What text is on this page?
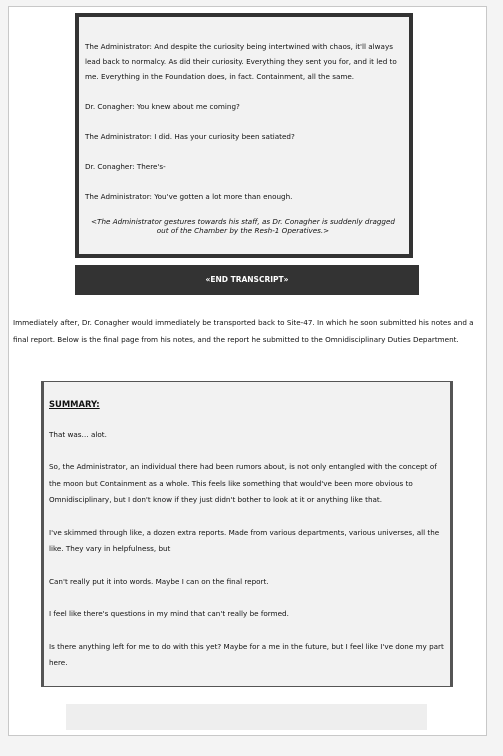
The Administrator: And despite the curiosity being intertwined with chaos, it'll always lead back to normalcy. As did their curiosity. Everything they sent you for, and it led to me. Everything in the Foundation does, in fact. Containment, all the same.

Dr. Conagher: You knew about me coming?

The Administrator: I did. Has your curiosity been satiated?

Dr. Conagher: There's-

The Administrator: You've gotten a lot more than enough.

<The Administrator gestures towards his staff, as Dr. Conagher is suddenly dragged out of the Chamber by the Resh-1 Operatives.>

«END TRANSCRIPT»
Immediately after, Dr. Conagher would immediately be transported back to Site-47. In which he soon submitted his notes and a final report. Below is the final page from his notes, and the report he submitted to the Omnidisciplinary Duties Department.

SUMMARY:

That was… alot.

So, the Administrator, an individual there had been rumors about, is not only entangled with the concept of the moon but Containment as a whole. This feels like something that would've been more obvious to Omnidisciplinary, but I don't know if they just didn't bother to look at it or anything like that.

I've skimmed through like, a dozen extra reports. Made from various departments, various universes, all the like. They vary in helpfulness, but

Can't really put it into words. Maybe I can on the final report.

I feel like there's questions in my mind that can't really be formed.

Is there anything left for me to do with this yet? Maybe for a me in the future, but I feel like I've done my part here.
